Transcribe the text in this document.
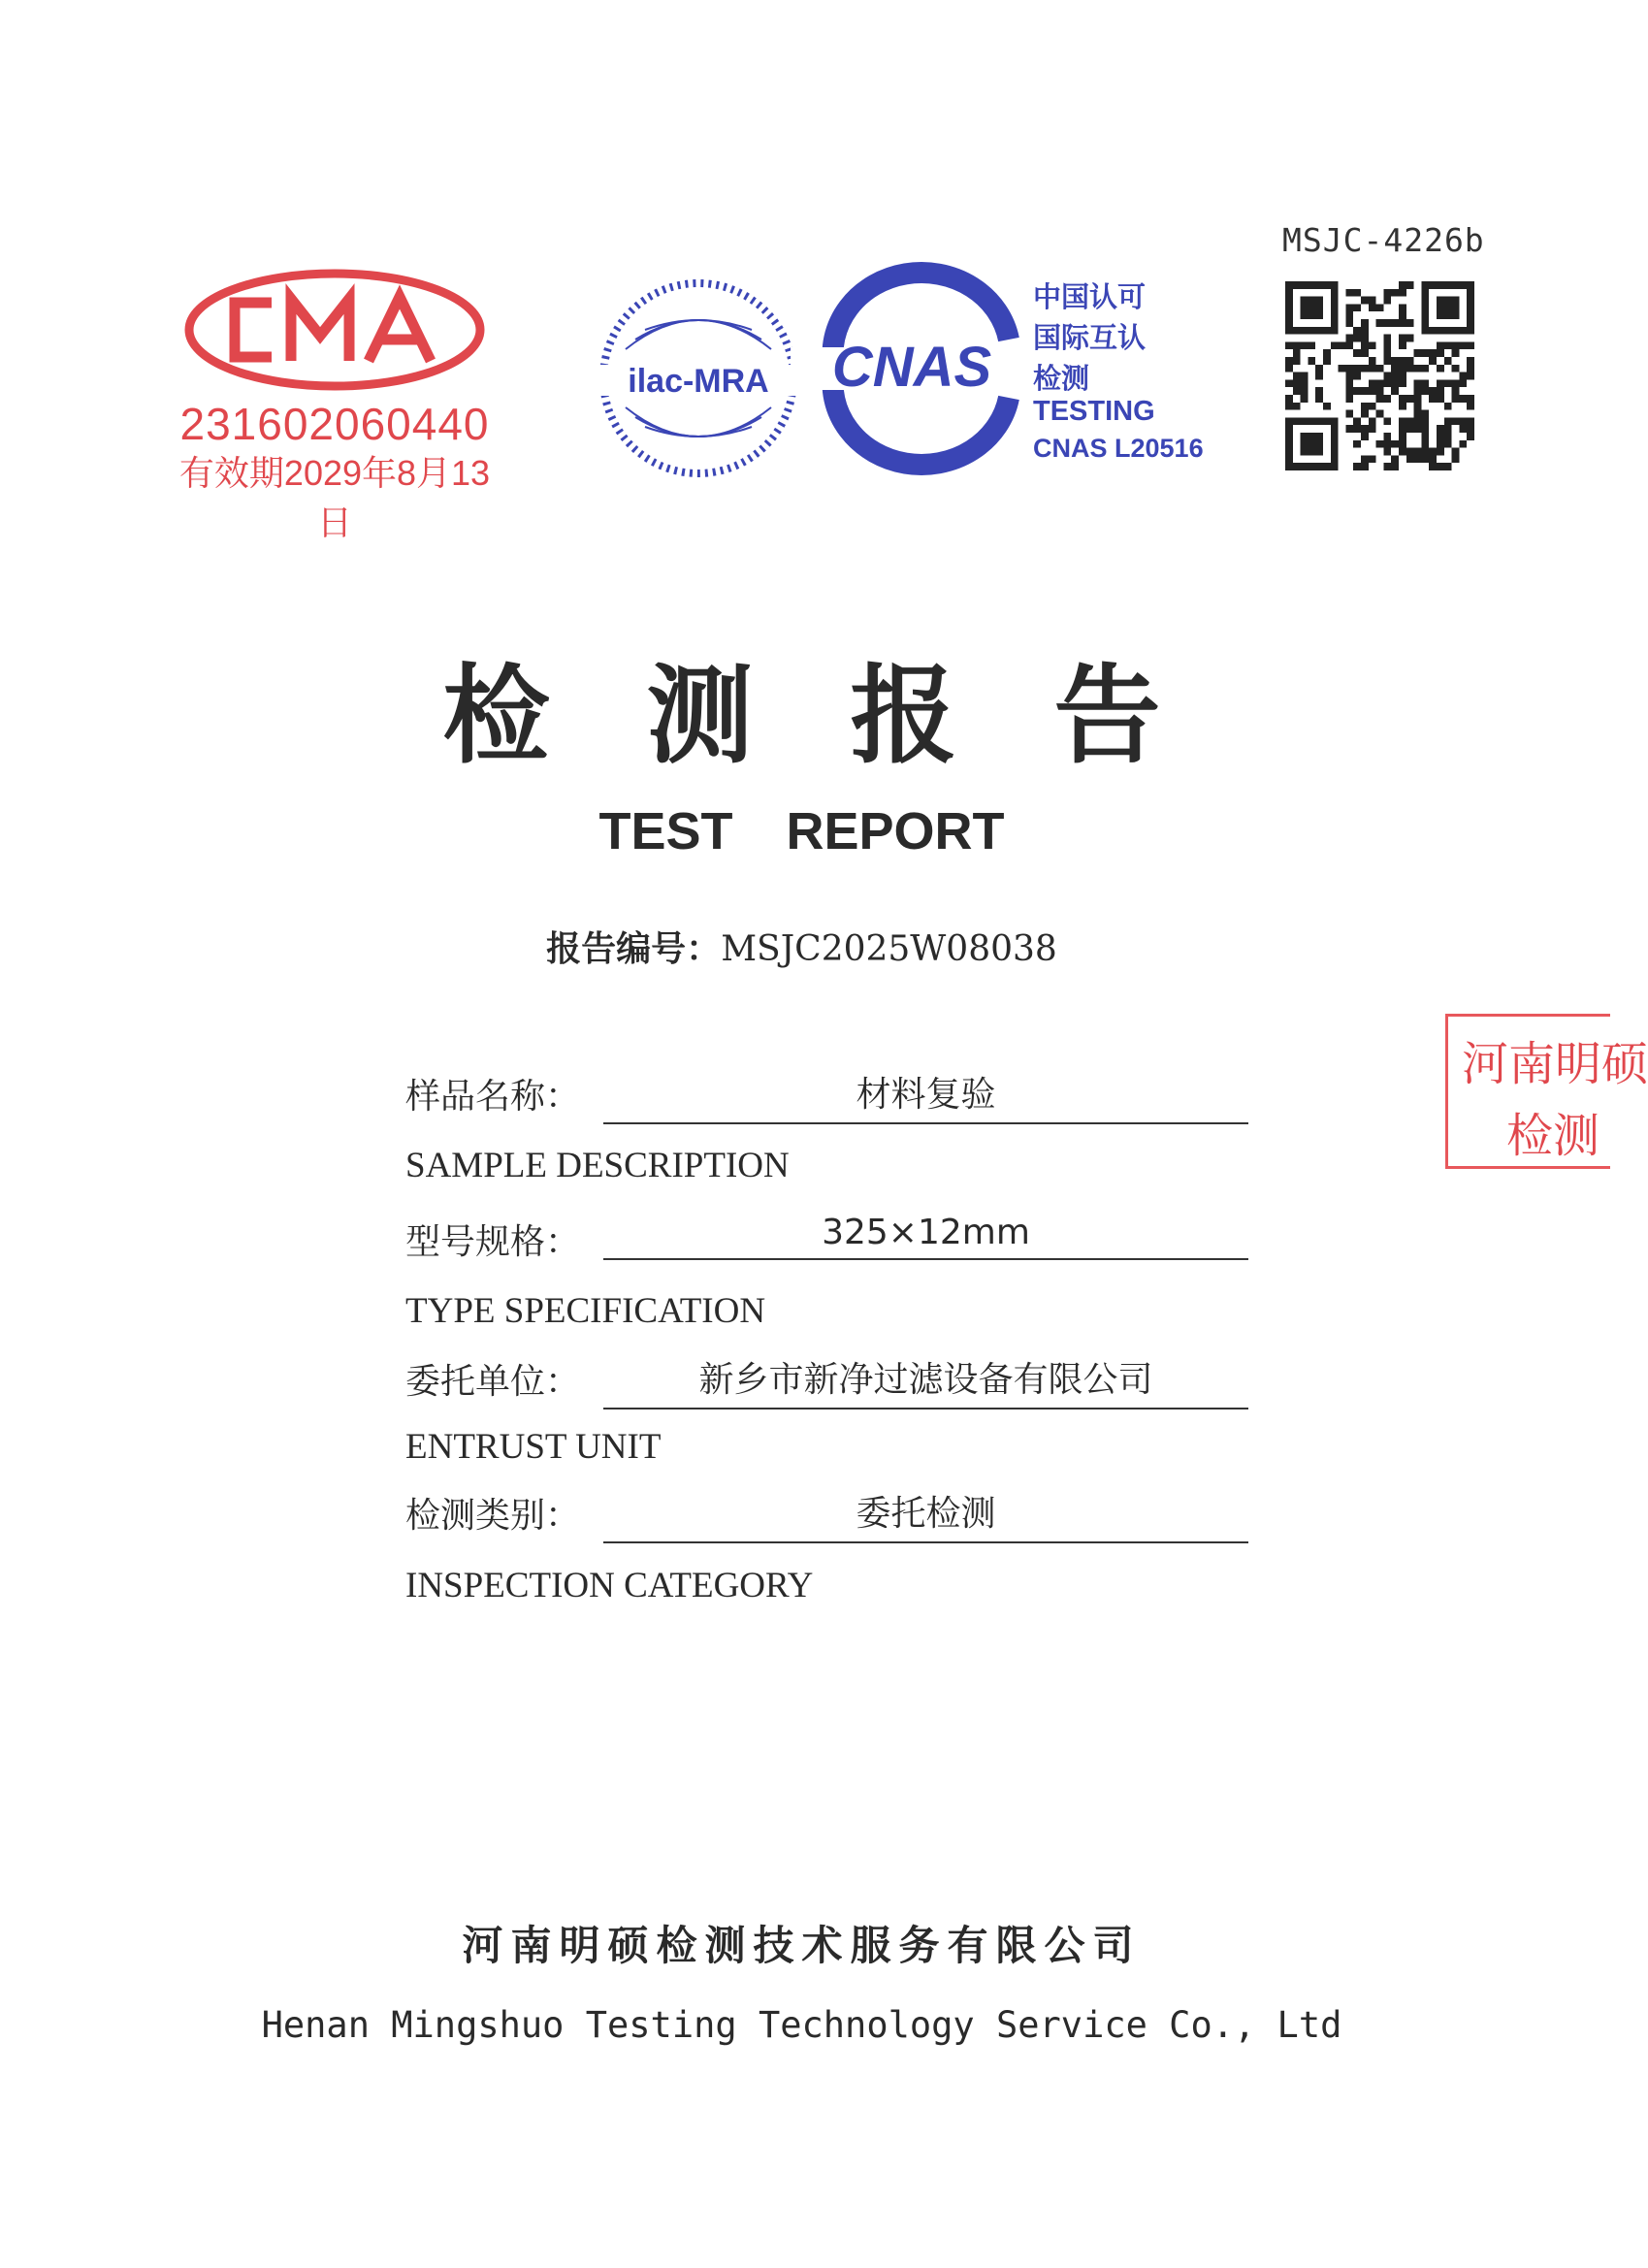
MSJC-4226b
231602060440
有效期2029年8月13日
ilac-MRA CNAS
中国认可
国际互认
检测
TESTING
CNAS L20516
检测报告
TEST REPORT
报告编号：MSJC2025W08038
样品名称：	材料复验
SAMPLE DESCRIPTION
型号规格：	325×12mm
TYPE SPECIFICATION
委托单位：	新乡市新净过滤设备有限公司
ENTRUST UNIT
检测类别：	委托检测
INSPECTION CATEGORY
河南明硕
检测
河南明硕检测技术服务有限公司
Henan Mingshuo Testing Technology Service Co., Ltd
